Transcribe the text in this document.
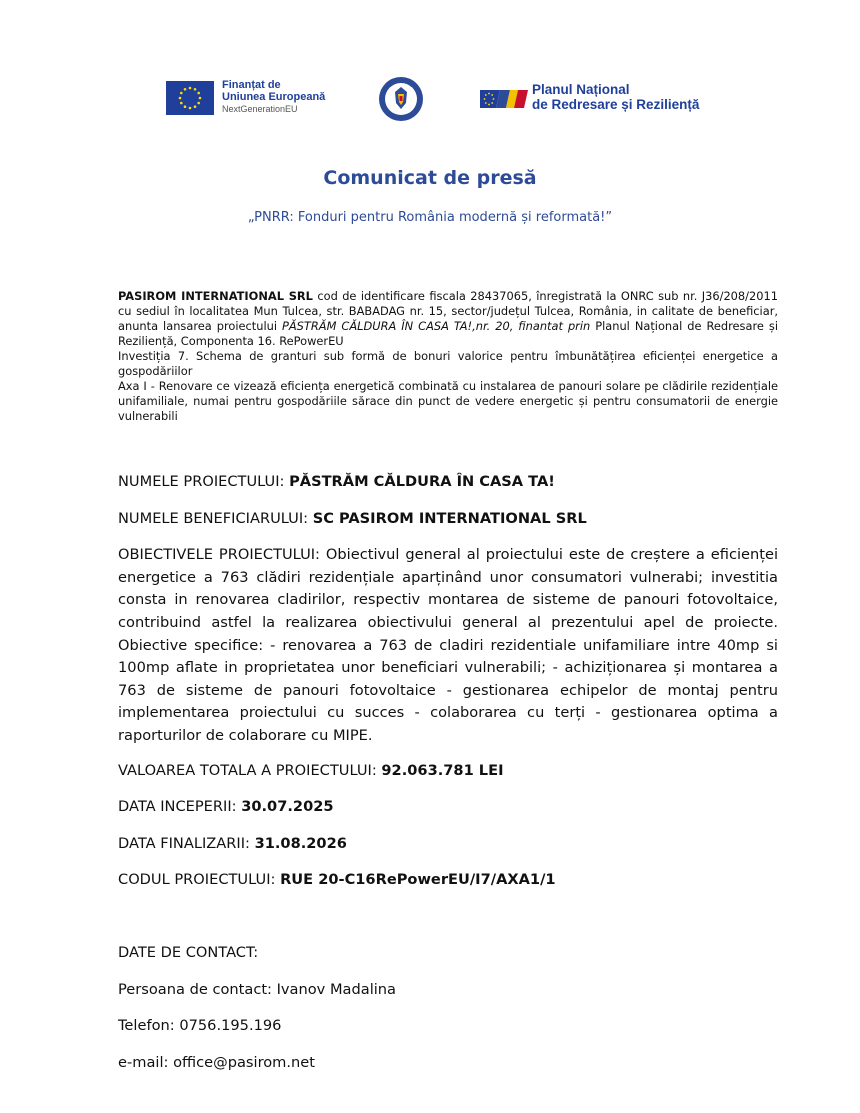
Finanțat de
Uniunea Europeană
NextGenerationEU
Planul Național
de Redresare și Reziliență
Comunicat de presă
„PNRR: Fonduri pentru România modernă și reformată!”

PASIROM INTERNATIONAL SRL cod de identificare fiscala 28437065, înregistrată la ONRC sub nr. J36/208/2011 cu sediul în localitatea Mun Tulcea, str. BABADAG nr. 15, sector/județul Tulcea, România, in calitate de beneficiar, anunta lansarea proiectului PĂSTRĂM CĂLDURA ÎN CASA TA!,nr. 20, finantat prin Planul Național de Redresare și Reziliență, Componenta 16. RePowerEU

Investiția 7. Schema de granturi sub formă de bonuri valorice pentru îmbunătățirea eficienței energetice a gospodăriilor

Axa I - Renovare ce vizează eficiența energetică combinată cu instalarea de panouri solare pe clădirile rezidențiale unifamiliale, numai pentru gospodăriile sărace din punct de vedere energetic și pentru consumatorii de energie vulnerabili

NUMELE PROIECTULUI: PĂSTRĂM CĂLDURA ÎN CASA TA!

NUMELE BENEFICIARULUI: SC PASIROM INTERNATIONAL SRL

OBIECTIVELE PROIECTULUI: Obiectivul general al proiectului este de creștere a eficienței energetice a 763 clădiri rezidențiale aparținând unor consumatori vulnerabi; investitia consta in renovarea cladirilor, respectiv montarea de sisteme de panouri fotovoltaice, contribuind astfel la realizarea obiectivului general al prezentului apel de proiecte. Obiective specifice: - renovarea a 763 de cladiri rezidentiale unifamiliare intre 40mp si 100mp aflate in proprietatea unor beneficiari vulnerabili; - achiziționarea și montarea a 763 de sisteme de panouri fotovoltaice - gestionarea echipelor de montaj pentru implementarea proiectului cu succes - colaborarea cu terți - gestionarea optima a raporturilor de colaborare cu MIPE.

VALOAREA TOTALA A PROIECTULUI: 92.063.781 LEI

DATA INCEPERII: 30.07.2025

DATA FINALIZARII: 31.08.2026

CODUL PROIECTULUI: RUE 20-C16RePowerEU/I7/AXA1/1

DATE DE CONTACT:

Persoana de contact: Ivanov Madalina

Telefon: 0756.195.196

e-mail: office@pasirom.net
